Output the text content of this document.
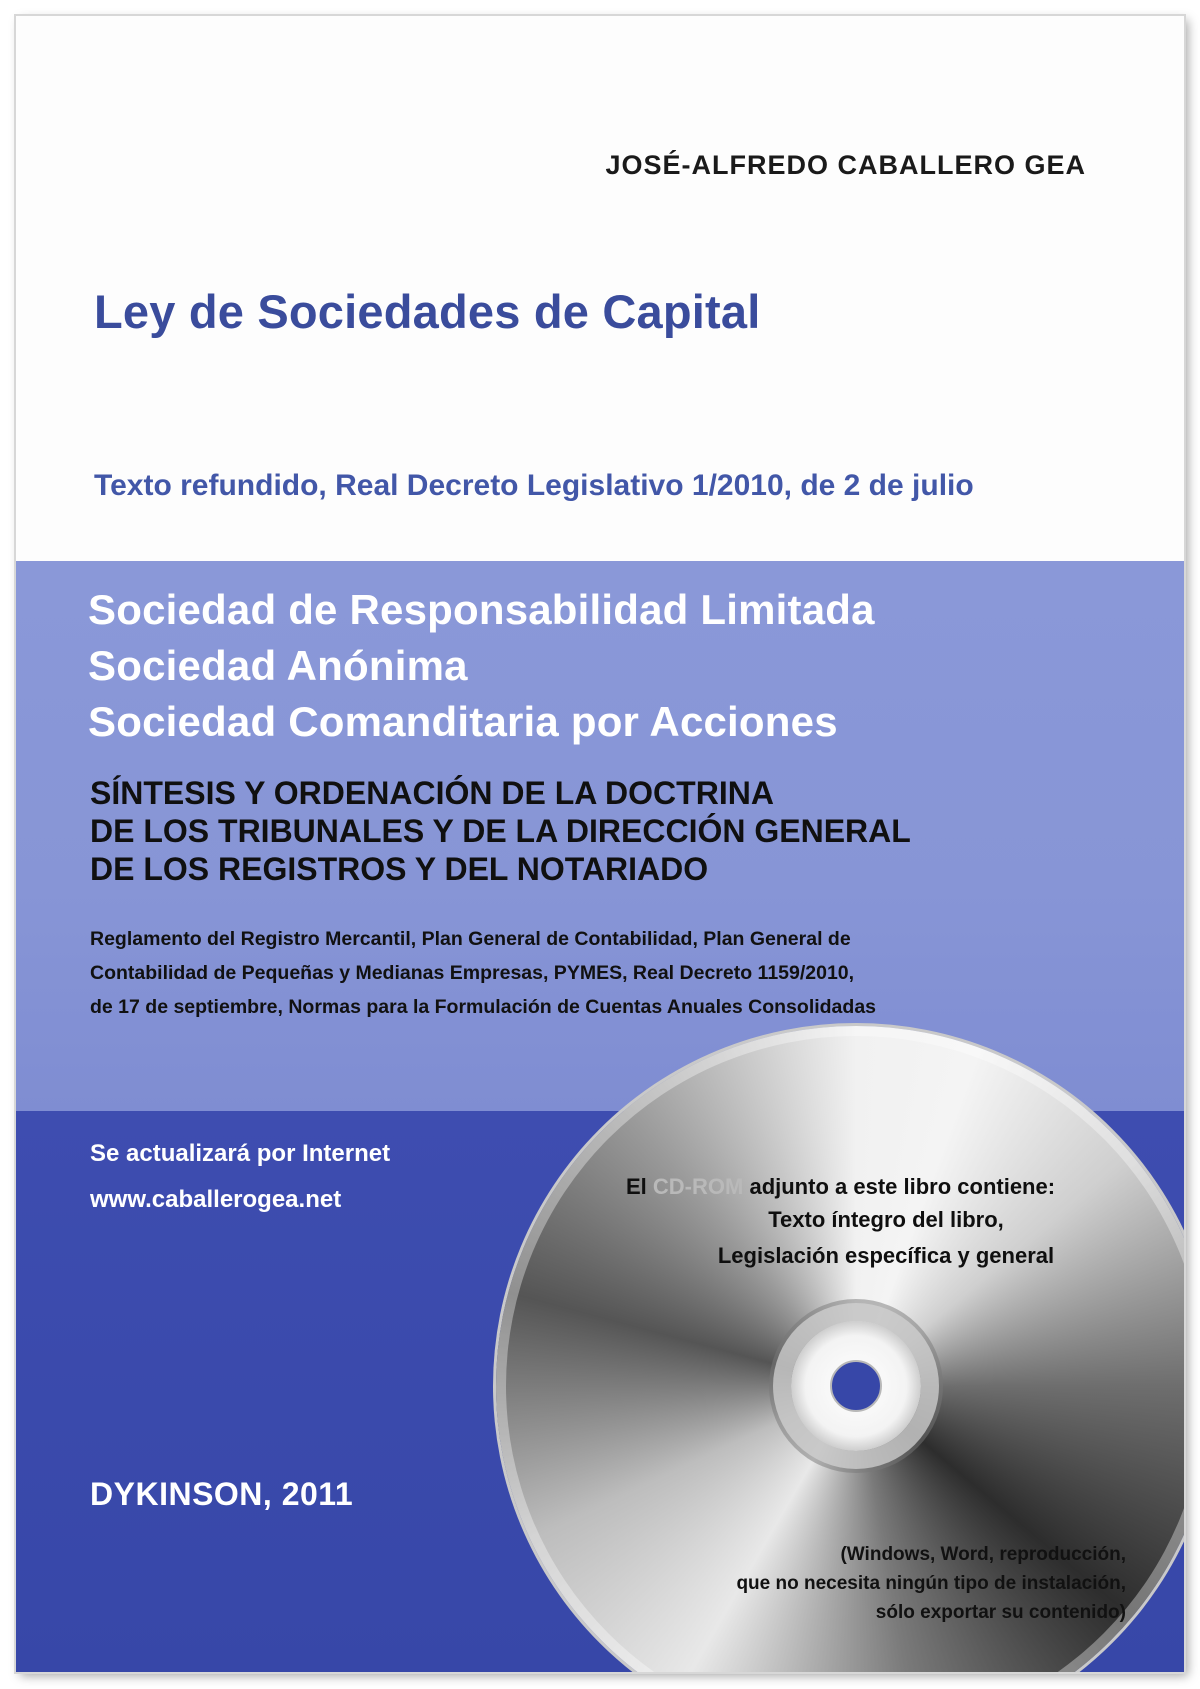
JOSÉ-ALFREDO CABALLERO GEA
Ley de Sociedades de Capital
Texto refundido, Real Decreto Legislativo 1/2010, de 2 de julio
Sociedad de Responsabilidad Limitada
Sociedad Anónima
Sociedad Comanditaria por Acciones
SÍNTESIS Y ORDENACIÓN DE LA DOCTRINA
DE LOS TRIBUNALES Y DE LA DIRECCIÓN GENERAL
DE LOS REGISTROS Y DEL NOTARIADO
Reglamento del Registro Mercantil, Plan General de Contabilidad, Plan General de
Contabilidad de Pequeñas y Medianas Empresas, PYMES, Real Decreto 1159/2010,
de 17 de septiembre, Normas para la Formulación de Cuentas Anuales Consolidadas
Se actualizará por Internet
www.caballerogea.net
DYKINSON, 2011
El CD-ROM adjunto a este libro contiene:
Texto íntegro del libro,
Legislación específica y general
(Windows, Word, reproducción,
que no necesita ningún tipo de instalación,
sólo exportar su contenido)
